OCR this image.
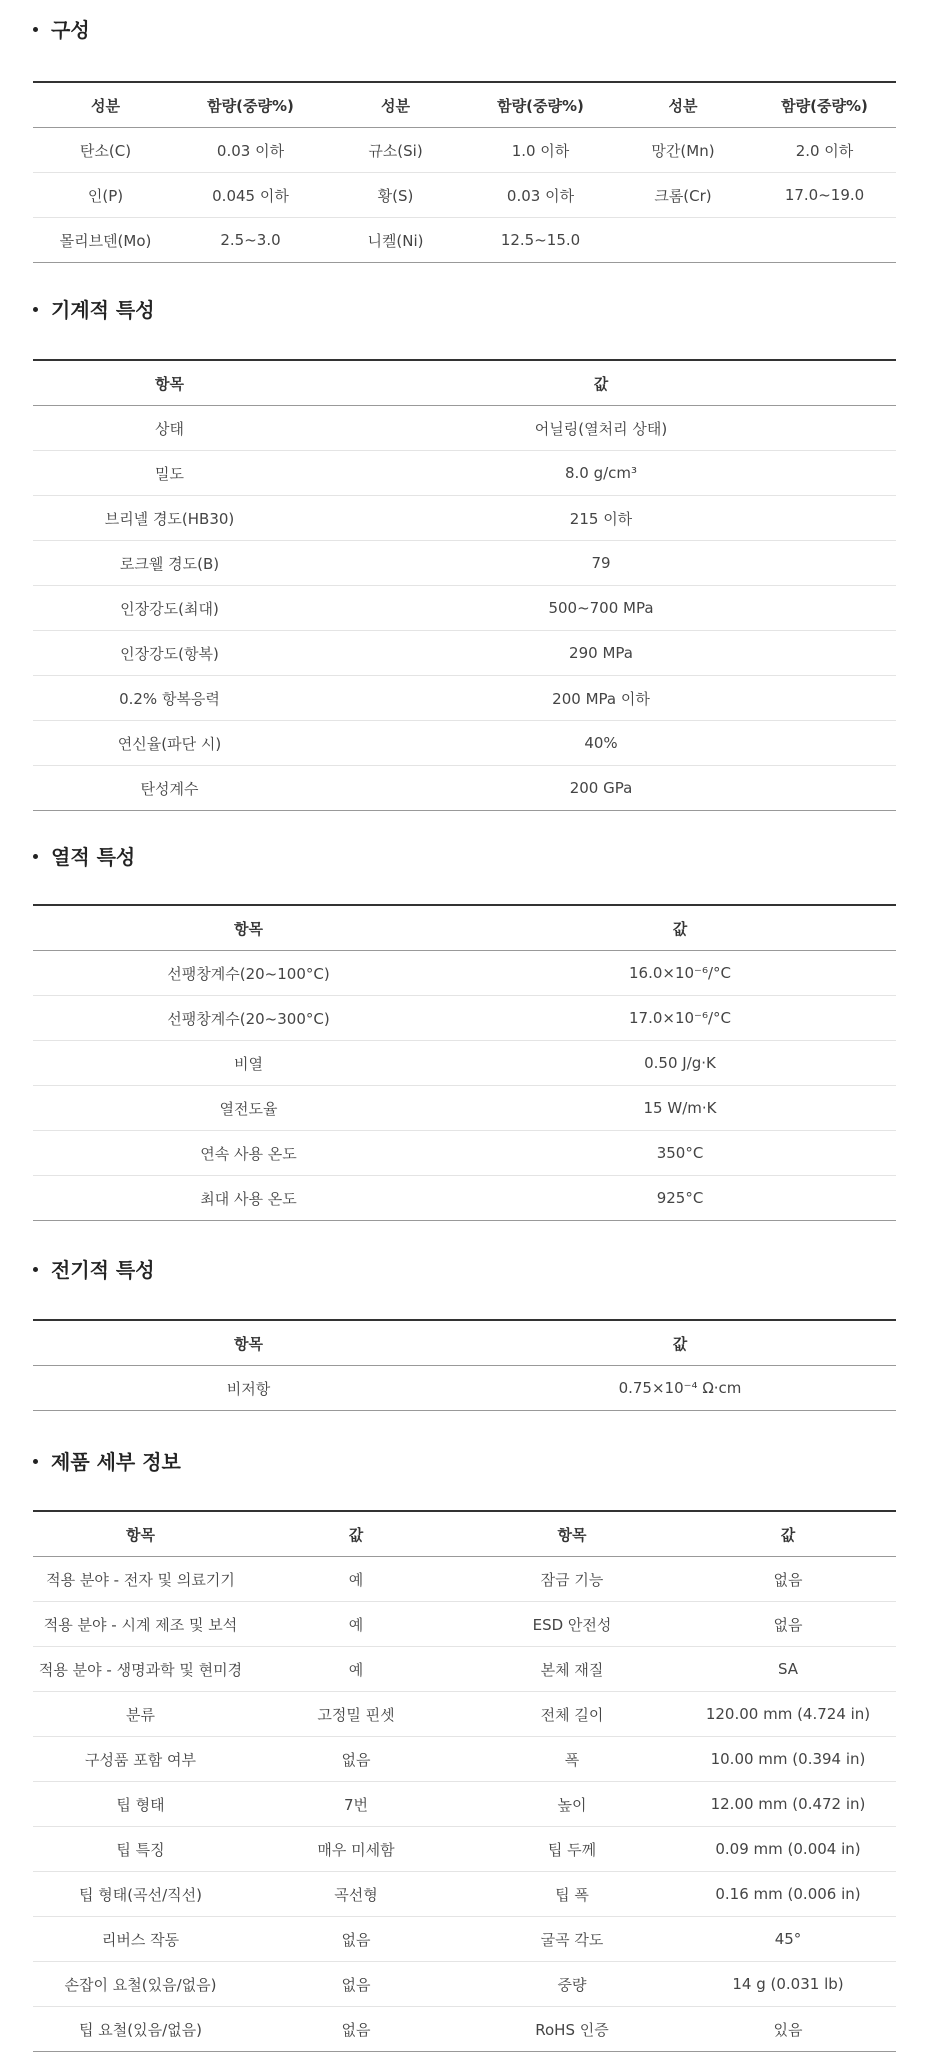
구성
성분	함량(중량%)	성분	함량(중량%)	성분	함량(중량%)
탄소(C)	0.03 이하	규소(Si)	1.0 이하	망간(Mn)	2.0 이하
인(P)	0.045 이하	황(S)	0.03 이하	크롬(Cr)	17.0~19.0
몰리브덴(Mo)	2.5~3.0	니켈(Ni)	12.5~15.0		
기계적 특성
항목	값
상태	어닐링(열처리 상태)
밀도	8.0 g/cm³
브리넬 경도(HB30)	215 이하
로크웰 경도(B)	79
인장강도(최대)	500~700 MPa
인장강도(항복)	290 MPa
0.2% 항복응력	200 MPa 이하
연신율(파단 시)	40%
탄성계수	200 GPa
열적 특성
항목	값
선팽창계수(20~100°C)	16.0×10⁻⁶/°C
선팽창계수(20~300°C)	17.0×10⁻⁶/°C
비열	0.50 J/g·K
열전도율	15 W/m·K
연속 사용 온도	350°C
최대 사용 온도	925°C
전기적 특성
항목	값
비저항	0.75×10⁻⁴ Ω·cm
제품 세부 정보
항목	값	항목	값
적용 분야 - 전자 및 의료기기	예	잠금 기능	없음
적용 분야 - 시계 제조 및 보석	예	ESD 안전성	없음
적용 분야 - 생명과학 및 현미경	예	본체 재질	SA
분류	고정밀 핀셋	전체 길이	120.00 mm (4.724 in)
구성품 포함 여부	없음	폭	10.00 mm (0.394 in)
팁 형태	7번	높이	12.00 mm (0.472 in)
팁 특징	매우 미세함	팁 두께	0.09 mm (0.004 in)
팁 형태(곡선/직선)	곡선형	팁 폭	0.16 mm (0.006 in)
리버스 작동	없음	굴곡 각도	45°
손잡이 요철(있음/없음)	없음	중량	14 g (0.031 lb)
팁 요철(있음/없음)	없음	RoHS 인증	있음
